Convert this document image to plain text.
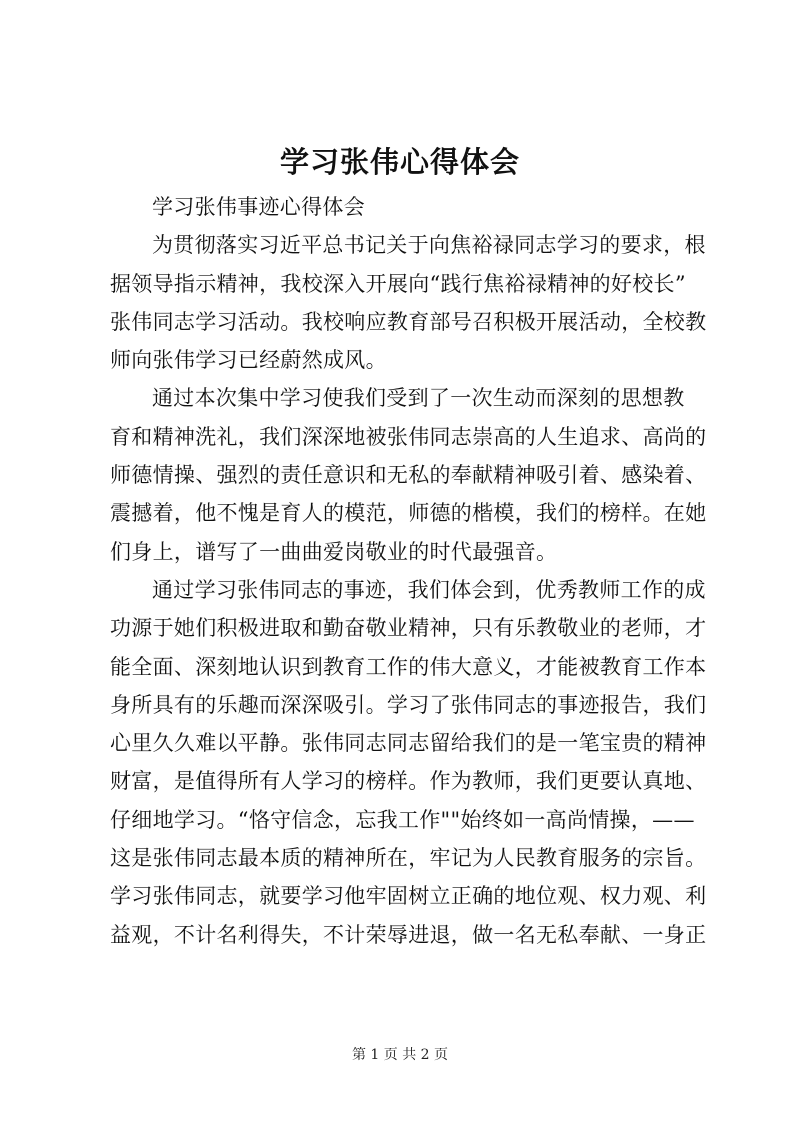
学习张伟心得体会
学习张伟事迹心得体会
为贯彻落实习近平总书记关于向焦裕禄同志学习的要求，根
据领导指示精神，我校深入开展向“践行焦裕禄精神的好校长”
张伟同志学习活动。我校响应教育部号召积极开展活动，全校教
师向张伟学习已经蔚然成风。
通过本次集中学习使我们受到了一次生动而深刻的思想教
育和精神洗礼，我们深深地被张伟同志崇高的人生追求、高尚的
师德情操、强烈的责任意识和无私的奉献精神吸引着、感染着、
震撼着，他不愧是育人的模范，师德的楷模，我们的榜样。在她
们身上，谱写了一曲曲爱岗敬业的时代最强音。
通过学习张伟同志的事迹，我们体会到，优秀教师工作的成
功源于她们积极进取和勤奋敬业精神，只有乐教敬业的老师，才
能全面、深刻地认识到教育工作的伟大意义，才能被教育工作本
身所具有的乐趣而深深吸引。学习了张伟同志的事迹报告，我们
心里久久难以平静。张伟同志同志留给我们的是一笔宝贵的精神
财富，是值得所有人学习的榜样。作为教师，我们更要认真地、
仔细地学习。“恪守信念，忘我工作""始终如一高尚情操，——
这是张伟同志最本质的精神所在，牢记为人民教育服务的宗旨。
学习张伟同志，就要学习他牢固树立正确的地位观、权力观、利
益观，不计名利得失，不计荣辱进退，做一名无私奉献、一身正
第 1 页 共 2 页
